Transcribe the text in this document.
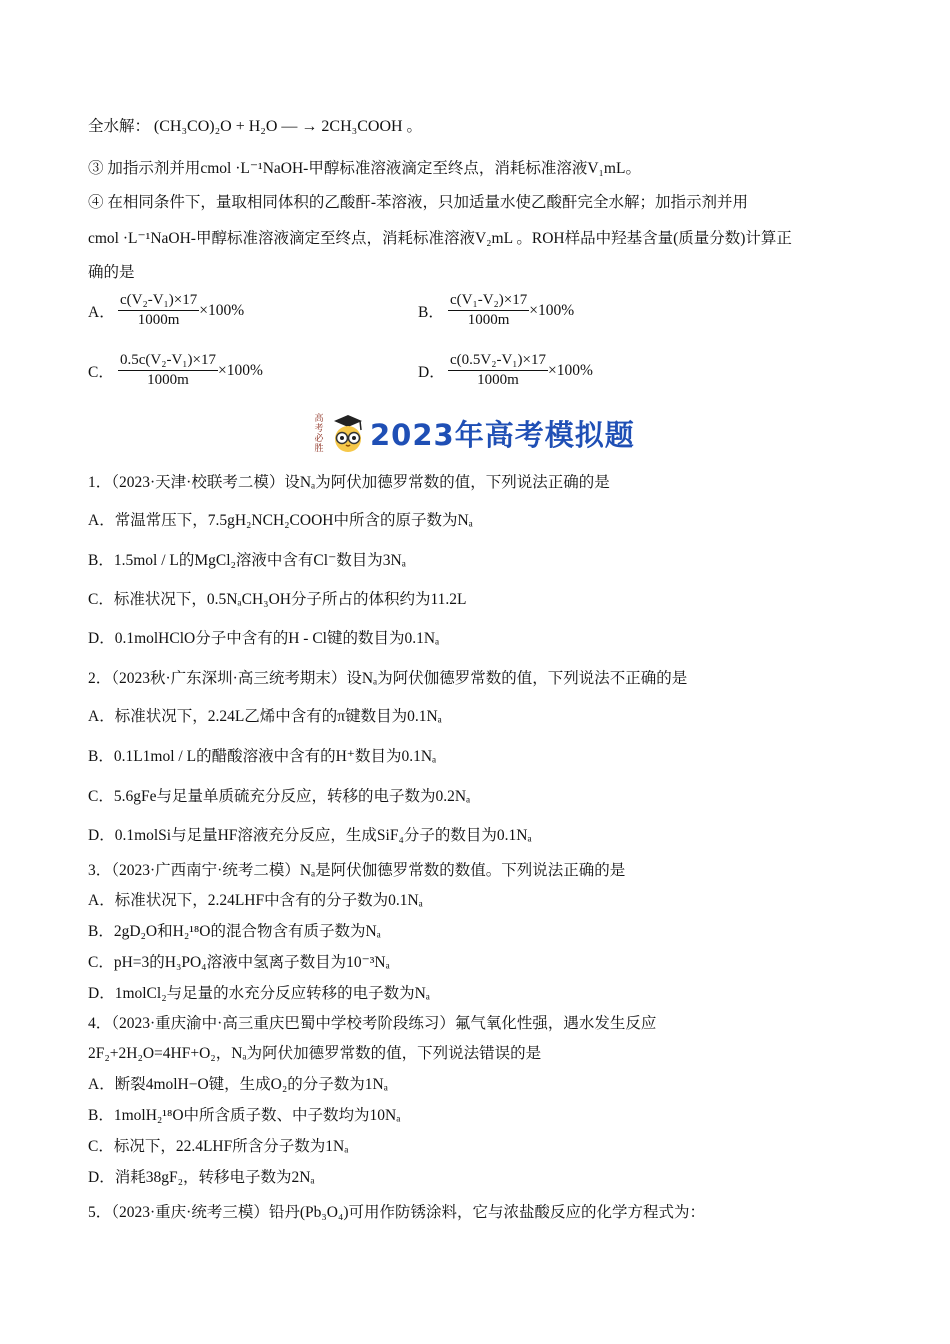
全水解： (CH₃CO)₂O + H₂O — → 2CH₃COOH 。
③ 加指示剂并用cmol ·L⁻¹NaOH-甲醇标准溶液滴定至终点，消耗标准溶液V₁mL。
④ 在相同条件下，量取相同体积的乙酸酐-苯溶液，只加适量水使乙酸酐完全水解；加指示剂并用
cmol ·L⁻¹NaOH-甲醇标准溶液滴定至终点，消耗标准溶液V₂mL 。ROH样品中羟基含量(质量分数)计算正
确的是
A． $\frac{\text{c(V₂-V₁)×17}}{1000m} \times 100\%$	B． $\frac{\text{c(V₁-V₂)×17}}{1000m} \times 100\%$
C． $\frac{\text{0.5c(V₂-V₁)×17}}{1000m} \times 100\%$	D． $\frac{\text{c(0.5V₂-V₁)×17}}{1000m} \times 100\%$
高
考
必
胜 2023年高考模拟题
1．（2023·天津·校联考二模）设Nₐ为阿伏加德罗常数的值，下列说法正确的是
A．常温常压下，7.5gH₂NCH₂COOH中所含的原子数为Nₐ
B．1.5mol / L的MgCl₂溶液中含有Cl⁻数目为3Nₐ
C．标准状况下，0.5NₐCH₃OH分子所占的体积约为11.2L
D．0.1molHClO分子中含有的H - Cl键的数目为0.1Nₐ
2．（2023秋·广东深圳·高三统考期末）设Nₐ为阿伏伽德罗常数的值，下列说法不正确的是
A．标准状况下，2.24L乙烯中含有的π键数目为0.1Nₐ
B．0.1L1mol / L的醋酸溶液中含有的H⁺数目为0.1Nₐ
C．5.6gFe与足量单质硫充分反应，转移的电子数为0.2Nₐ
D．0.1molSi与足量HF溶液充分反应，生成SiF₄分子的数目为0.1Nₐ
3．（2023·广西南宁·统考二模）Nₐ是阿伏伽德罗常数的数值。下列说法正确的是
A．标准状况下，2.24LHF中含有的分子数为0.1Nₐ
B．2gD₂O和H₂¹⁸O的混合物含有质子数为Nₐ
C．pH=3的H₃PO₄溶液中氢离子数目为10⁻³Nₐ
D．1molCl₂与足量的水充分反应转移的电子数为Nₐ
4．（2023·重庆渝中·高三重庆巴蜀中学校考阶段练习）氟气氧化性强，遇水发生反应
2F₂+2H₂O=4HF+O₂，Nₐ为阿伏加德罗常数的值，下列说法错误的是
A．断裂4molH−O键，生成O₂的分子数为1Nₐ
B．1molH₂¹⁸O中所含质子数、中子数均为10Nₐ
C．标况下，22.4LHF所含分子数为1Nₐ
D．消耗38gF₂，转移电子数为2Nₐ
5．（2023·重庆·统考三模）铅丹(Pb₃O₄)可用作防锈涂料，它与浓盐酸反应的化学方程式为：
